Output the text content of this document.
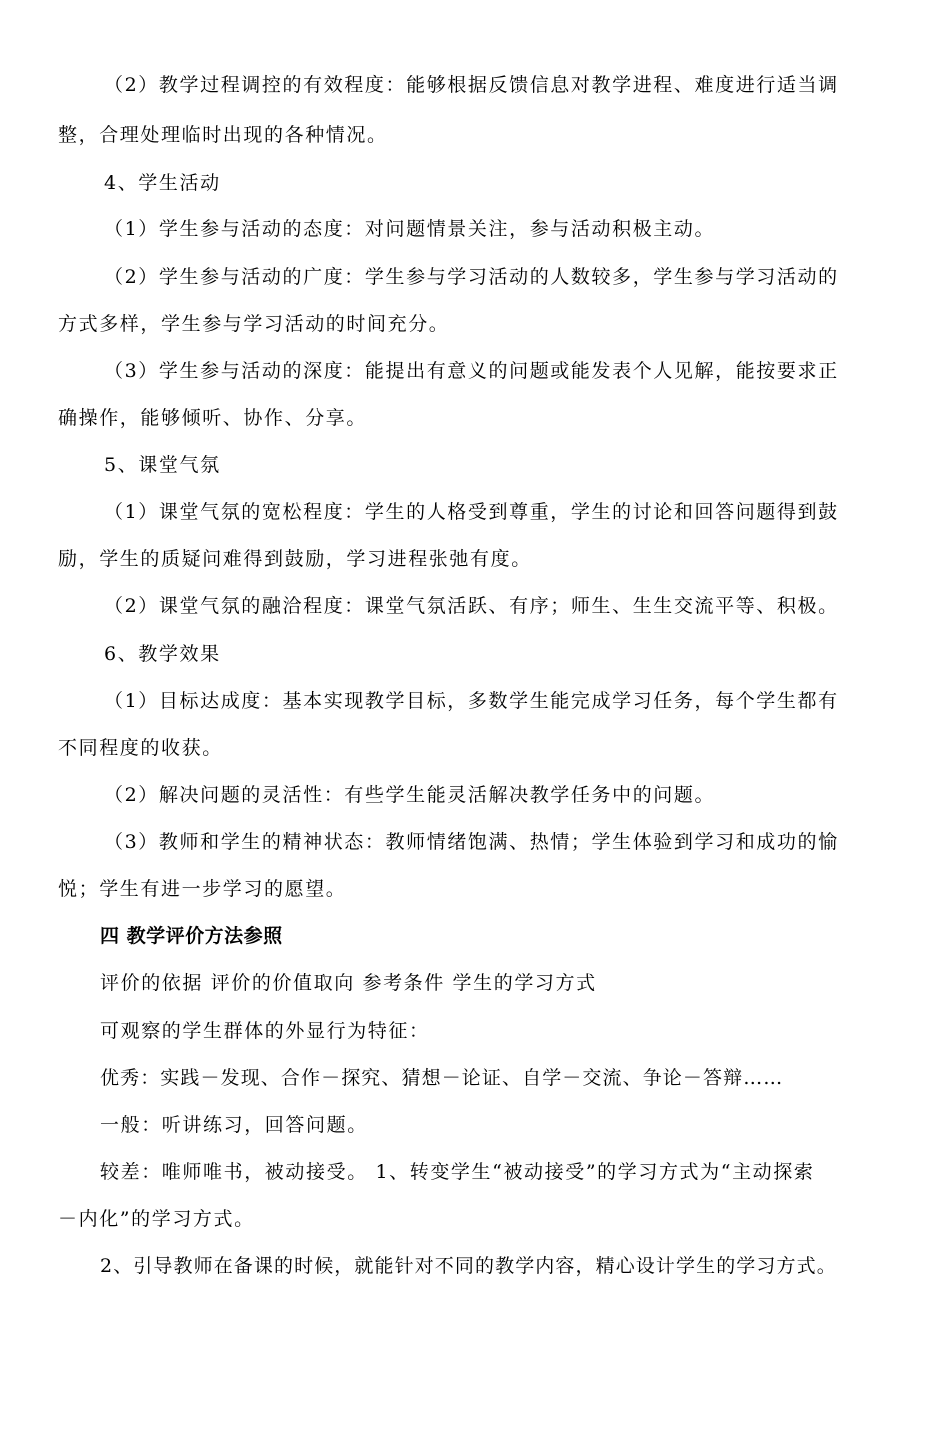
（2）教学过程调控的有效程度：能够根据反馈信息对教学进程、难度进行适当调
整，合理处理临时出现的各种情况。
4、学生活动
（1）学生参与活动的态度：对问题情景关注，参与活动积极主动。
（2）学生参与活动的广度：学生参与学习活动的人数较多，学生参与学习活动的
方式多样，学生参与学习活动的时间充分。
（3）学生参与活动的深度：能提出有意义的问题或能发表个人见解，能按要求正
确操作，能够倾听、协作、分享。
5、课堂气氛
（1）课堂气氛的宽松程度：学生的人格受到尊重，学生的讨论和回答问题得到鼓
励，学生的质疑问难得到鼓励，学习进程张弛有度。
（2）课堂气氛的融洽程度：课堂气氛活跃、有序；师生、生生交流平等、积极。
6、教学效果
（1）目标达成度：基本实现教学目标，多数学生能完成学习任务，每个学生都有
不同程度的收获。
（2）解决问题的灵活性：有些学生能灵活解决教学任务中的问题。
（3）教师和学生的精神状态：教师情绪饱满、热情；学生体验到学习和成功的愉
悦；学生有进一步学习的愿望。
四 教学评价方法参照
评价的依据 评价的价值取向 参考条件 学生的学习方式
可观察的学生群体的外显行为特征：
优秀：实践－发现、合作－探究、猜想－论证、自学－交流、争论－答辩……
一般：听讲练习，回答问题。
较差：唯师唯书，被动接受。 1、转变学生“被动接受”的学习方式为“主动探索
－内化”的学习方式。
2、引导教师在备课的时候，就能针对不同的教学内容，精心设计学生的学习方式。
